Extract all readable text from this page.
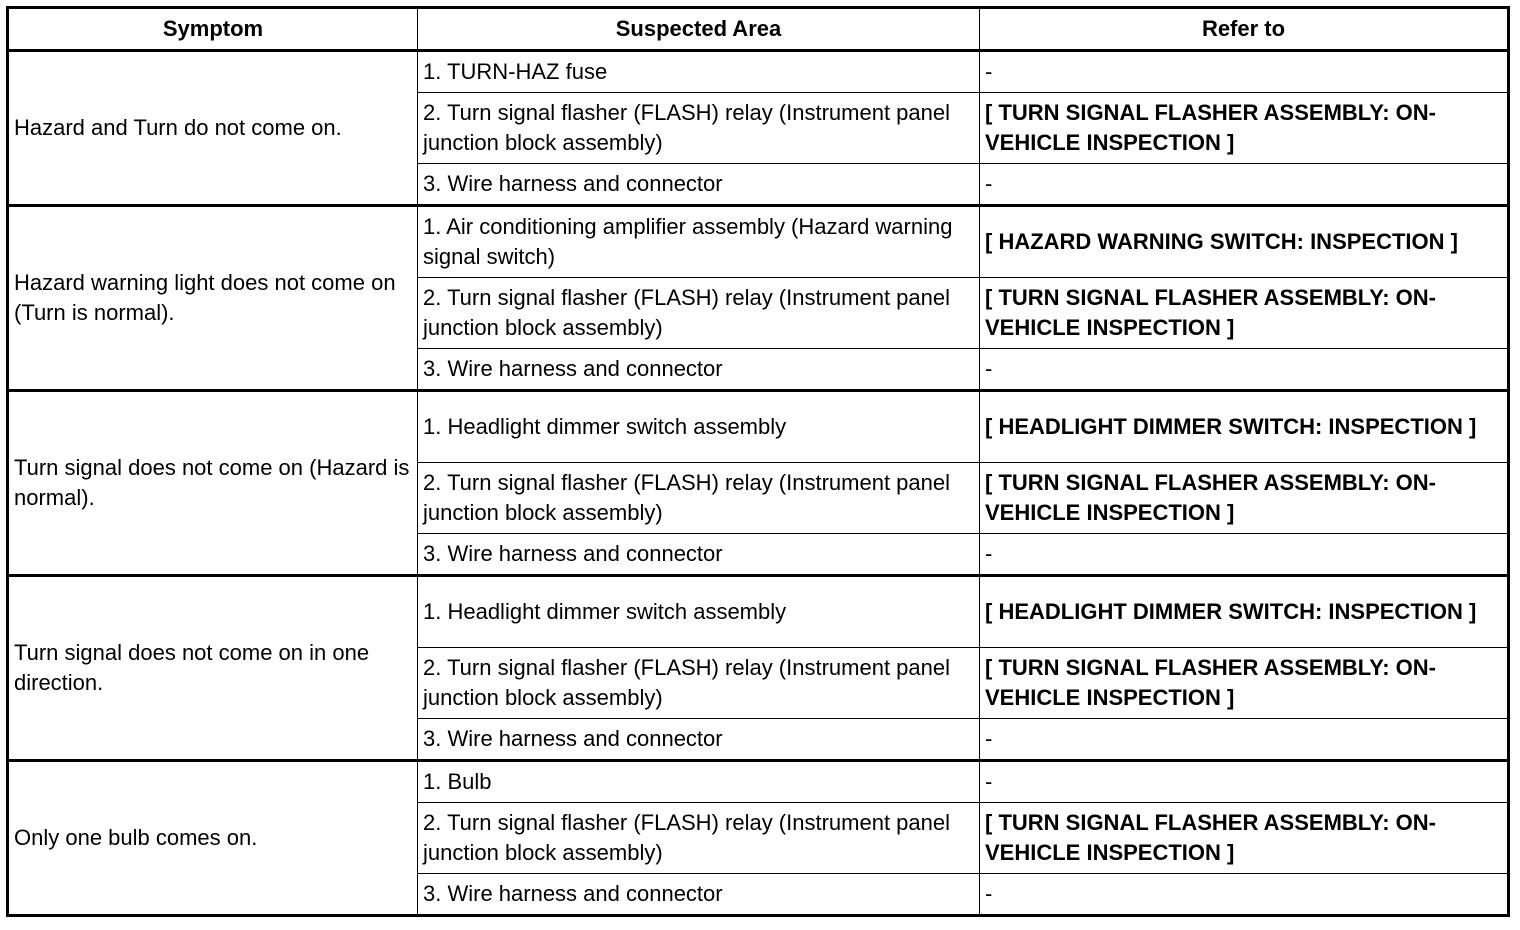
Symptom	Suspected Area	Refer to
Hazard and Turn do not come on.	1. TURN-HAZ fuse	-
	2. Turn signal flasher (FLASH) relay (Instrument panel junction block assembly)	[ TURN SIGNAL FLASHER ASSEMBLY: ON-VEHICLE INSPECTION ]
	3. Wire harness and connector	-
Hazard warning light does not come on (Turn is normal).	1. Air conditioning amplifier assembly (Hazard warning signal switch)	[ HAZARD WARNING SWITCH: INSPECTION ]
	2. Turn signal flasher (FLASH) relay (Instrument panel junction block assembly)	[ TURN SIGNAL FLASHER ASSEMBLY: ON-VEHICLE INSPECTION ]
	3. Wire harness and connector	-
Turn signal does not come on (Hazard is normal).	1. Headlight dimmer switch assembly	[ HEADLIGHT DIMMER SWITCH: INSPECTION ]
	2. Turn signal flasher (FLASH) relay (Instrument panel junction block assembly)	[ TURN SIGNAL FLASHER ASSEMBLY: ON-VEHICLE INSPECTION ]
	3. Wire harness and connector	-
Turn signal does not come on in one direction.	1. Headlight dimmer switch assembly	[ HEADLIGHT DIMMER SWITCH: INSPECTION ]
	2. Turn signal flasher (FLASH) relay (Instrument panel junction block assembly)	[ TURN SIGNAL FLASHER ASSEMBLY: ON-VEHICLE INSPECTION ]
	3. Wire harness and connector	-
Only one bulb comes on.	1. Bulb	-
	2. Turn signal flasher (FLASH) relay (Instrument panel junction block assembly)	[ TURN SIGNAL FLASHER ASSEMBLY: ON-VEHICLE INSPECTION ]
	3. Wire harness and connector	-
